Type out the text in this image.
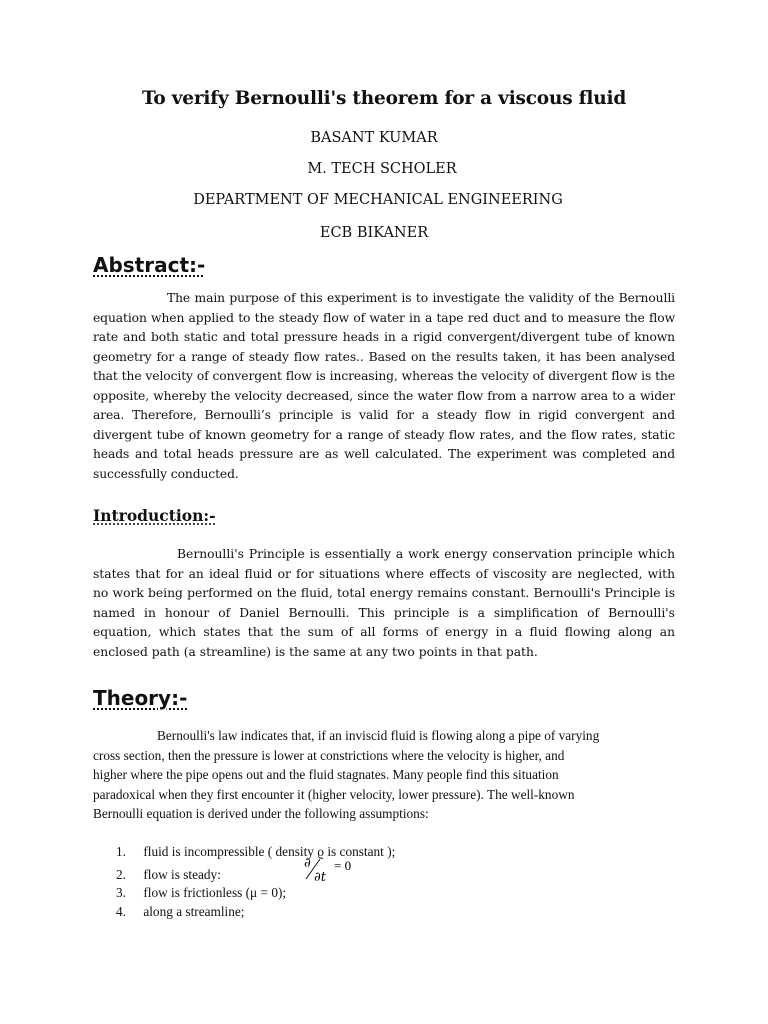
To verify Bernoulli's theorem for a viscous fluid
BASANT KUMAR
M. TECH SCHOLER
DEPARTMENT OF MECHANICAL ENGINEERING
ECB BIKANER
Abstract:-
The main purpose of this experiment is to investigate the validity of the Bernoulli equation when applied to the steady flow of water in a tape red duct and to measure the flow rate and both static and total pressure heads in a rigid convergent/divergent tube of known geometry for a range of steady flow rates.. Based on the results taken, it has been analysed that the velocity of convergent flow is increasing, whereas the velocity of divergent flow is the opposite, whereby the velocity decreased, since the water flow from a narrow area to a wider area. Therefore, Bernoulli’s principle is valid for a steady flow in rigid convergent and divergent tube of known geometry for a range of steady flow rates, and the flow rates, static heads and total heads pressure are as well calculated. The experiment was completed and successfully conducted.
Introduction:-
Bernoulli's Principle is essentially a work energy conservation principle which states that for an ideal fluid or for situations where effects of viscosity are neglected, with no work being performed on the fluid, total energy remains constant. Bernoulli's Principle is named in honour of Daniel Bernoulli. This principle is a simplification of Bernoulli's equation, which states that the sum of all forms of energy in a fluid flowing along an enclosed path (a streamline) is the same at any two points in that path.
Theory:-
Bernoulli's law indicates that, if an inviscid fluid is flowing along a pipe of varying
cross section, then the pressure is lower at constrictions where the velocity is higher, and
higher where the pipe opens out and the fluid stagnates. Many people find this situation
paradoxical when they first encounter it (higher velocity, lower pressure). The well-known
Bernoulli equation is derived under the following assumptions:
1. fluid is incompressible ( density ϱ is constant );
2. flow is steady:
∂
∂t
= 0
3. flow is frictionless (μ = 0);
4. along a streamline;
